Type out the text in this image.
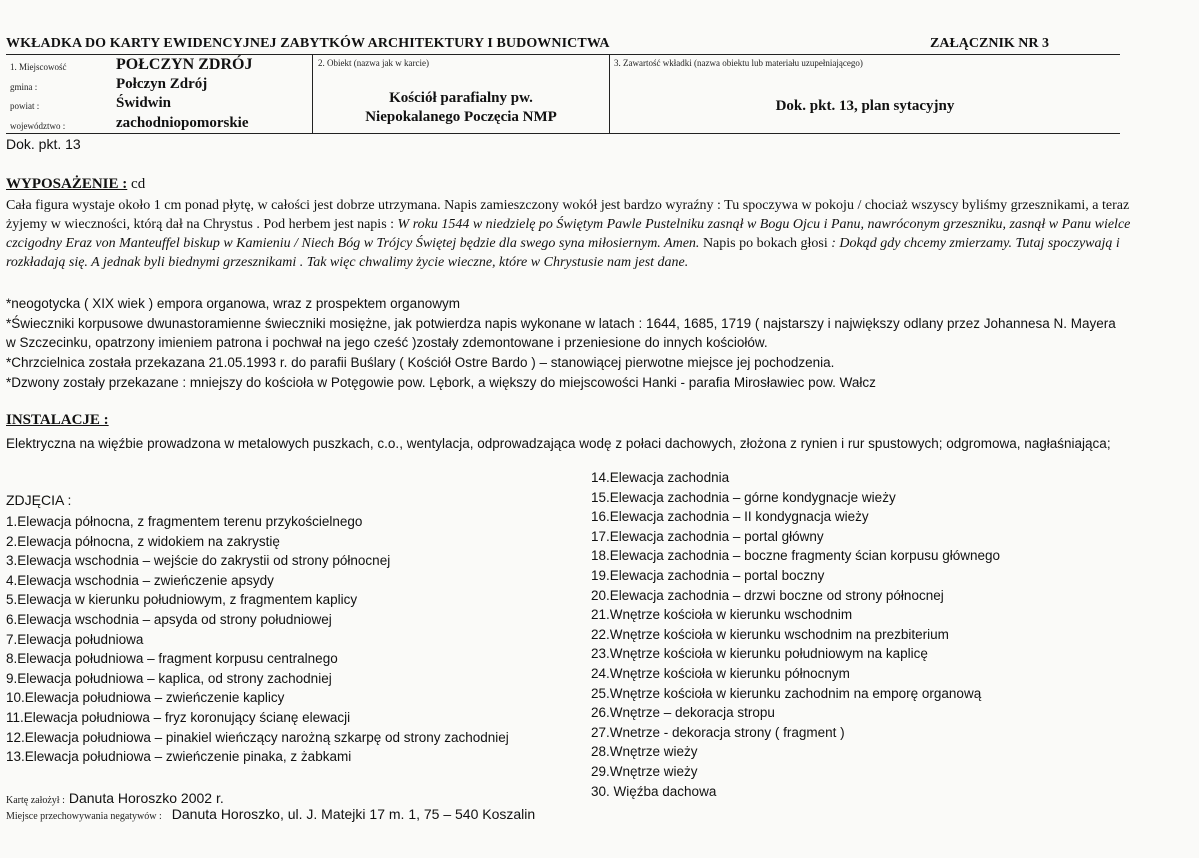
WKŁADKA DO KARTY EWIDENCYJNEJ ZABYTKÓW ARCHITEKTURY I BUDOWNICTWA	ZAŁĄCZNIK NR 3
1. Miejscowość	POŁCZYN ZDRÓJ
gmina :	Połczyn Zdrój
powiat :	Świdwin
województwo :	zachodniopomorskie
2. Obiekt (nazwa jak w karcie)
Kościół parafialny pw.
Niepokalanego Poczęcia NMP
3. Zawartość wkładki (nazwa obiektu lub materiału uzupełniającego)
Dok. pkt. 13, plan sytacyjny
Dok. pkt. 13
WYPOSAŻENIE : cd
Cała figura wystaje około 1 cm ponad płytę, w całości jest dobrze utrzymana. Napis zamieszczony wokół jest bardzo wyraźny : Tu spoczywa w pokoju / chociaż wszyscy byliśmy grzesznikami, a teraz żyjemy w wieczności, którą dał na Chrystus . Pod herbem jest napis : W roku 1544 w niedzielę po Świętym Pawle Pustelniku zasnął w Bogu Ojcu i Panu, nawróconym grzeszniku, zasnął w Panu wielce czcigodny Eraz von Manteuffel biskup w Kamieniu / Niech Bóg w Trójcy Świętej będzie dla swego syna miłosiernym. Amen. Napis po bokach głosi : Dokąd gdy chcemy zmierzamy. Tutaj spoczywają i rozkładają się. A jednak byli biednymi grzesznikami . Tak więc chwalimy życie wieczne, które w Chrystusie nam jest dane.
*neogotycka ( XIX wiek ) empora organowa, wraz z prospektem organowym
*Świeczniki korpusowe dwunastoramienne świeczniki mosiężne, jak potwierdza napis wykonane w latach : 1644, 1685, 1719 ( najstarszy i największy odlany przez Johannesa N. Mayera w Szczecinku, opatrzony imieniem patrona i pochwał na jego cześć )zostały zdemontowane i przeniesione do innych kościołów.
*Chrzcielnica została przekazana 21.05.1993 r. do parafii Buślary ( Kościół Ostre Bardo ) – stanowiącej pierwotne miejsce jej pochodzenia.
*Dzwony zostały przekazane : mniejszy do kościoła w Potęgowie pow. Lębork, a większy do miejscowości Hanki - parafia Mirosławiec pow. Wałcz
INSTALACJE :
Elektryczna na więźbie prowadzona w metalowych puszkach, c.o., wentylacja, odprowadzająca wodę z połaci dachowych, złożona z rynien i rur spustowych; odgromowa, nagłaśniająca;
ZDJĘCIA :
1.Elewacja północna, z fragmentem terenu przykościelnego
2.Elewacja północna, z widokiem na zakrystię
3.Elewacja wschodnia – wejście do zakrystii od strony północnej
4.Elewacja wschodnia – zwieńczenie apsydy
5.Elewacja w kierunku południowym, z fragmentem kaplicy
6.Elewacja wschodnia – apsyda od strony południowej
7.Elewacja południowa
8.Elewacja południowa – fragment korpusu centralnego
9.Elewacja południowa – kaplica, od strony zachodniej
10.Elewacja południowa – zwieńczenie kaplicy
11.Elewacja południowa – fryz koronujący ścianę elewacji
12.Elewacja południowa – pinakiel wieńczący narożną szkarpę od strony zachodniej
13.Elewacja południowa – zwieńczenie pinaka, z żabkami
14.Elewacja zachodnia
15.Elewacja zachodnia – górne kondygnacje wieży
16.Elewacja zachodnia – II kondygnacja wieży
17.Elewacja zachodnia – portal główny
18.Elewacja zachodnia – boczne fragmenty ścian korpusu głównego
19.Elewacja zachodnia – portal boczny
20.Elewacja zachodnia – drzwi boczne od strony północnej
21.Wnętrze kościoła w kierunku wschodnim
22.Wnętrze kościoła w kierunku wschodnim na prezbiterium
23.Wnętrze kościoła w kierunku południowym na kaplicę
24.Wnętrze kościoła w kierunku północnym
25.Wnętrze kościoła w kierunku zachodnim na emporę organową
26.Wnętrze – dekoracja stropu
27.Wnetrze - dekoracja strony ( fragment )
28.Wnętrze wieży
29.Wnętrze wieży
30. Więźba dachowa
Kartę założył : Danuta Horoszko 2002 r.
Miejsce przechowywania negatywów : Danuta Horoszko, ul. J. Matejki 17 m. 1, 75 – 540 Koszalin
